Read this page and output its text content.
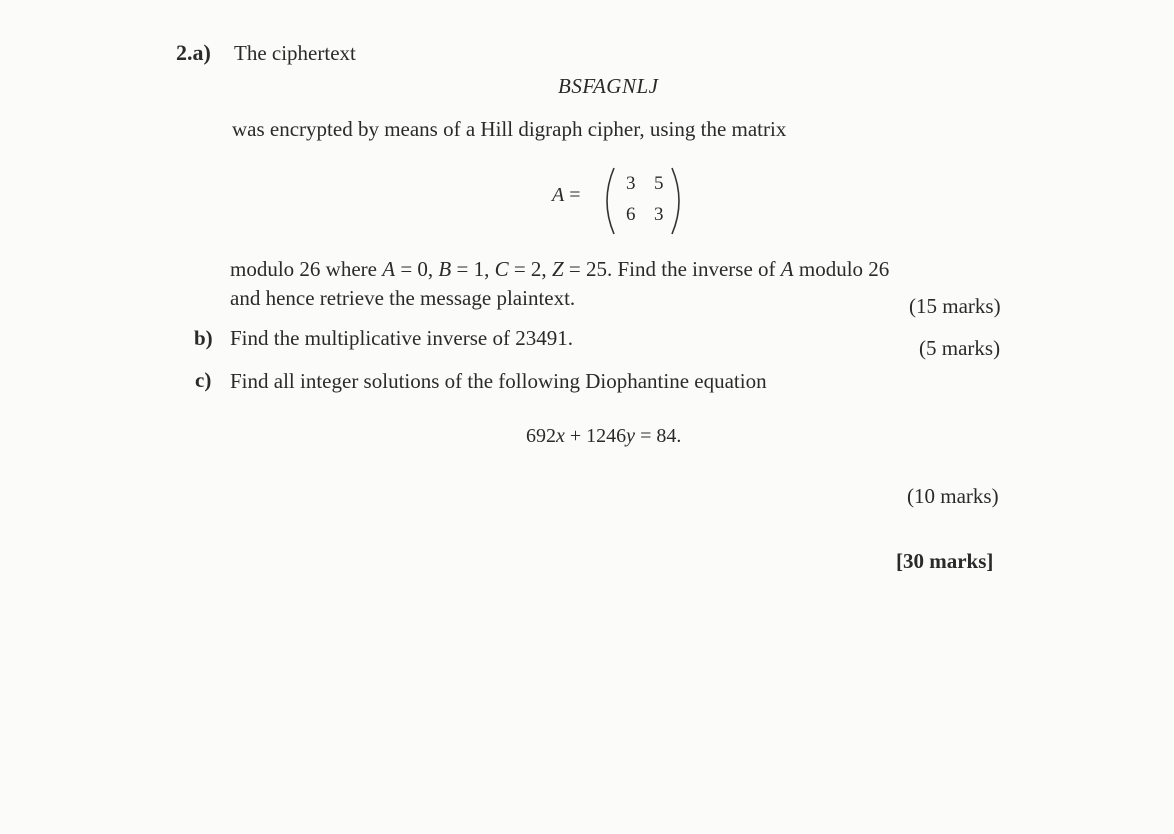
2.a) The ciphertext
BSFAGNLJ
was encrypted by means of a Hill digraph cipher, using the matrix
A =
3 5
6 3
modulo 26 where A = 0, B = 1, C = 2, Z = 25. Find the inverse of A modulo 26
and hence retrieve the message plaintext.	(15 marks)
b) Find the multiplicative inverse of 23491.	(5 marks)
c) Find all integer solutions of the following Diophantine equation
692x + 1246y = 84.
(10 marks)
[30 marks]
